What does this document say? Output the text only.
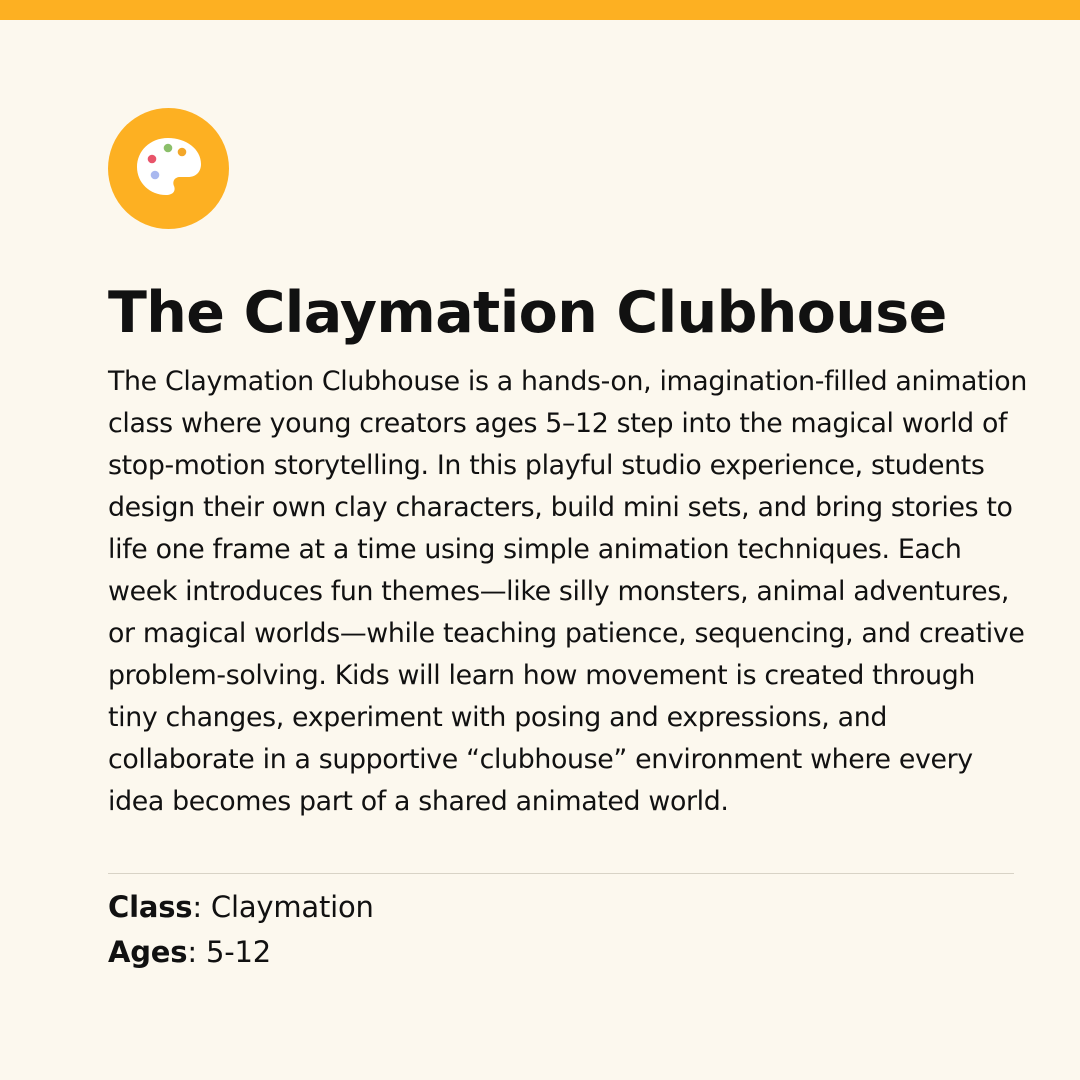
The Claymation Clubhouse

The Claymation Clubhouse is a hands-on, imagination-filled animation class where young creators ages 5–12 step into the magical world of stop-motion storytelling. In this playful studio experience, students design their own clay characters, build mini sets, and bring stories to life one frame at a time using simple animation techniques. Each week introduces fun themes—like silly monsters, animal adventures, or magical worlds—while teaching patience, sequencing, and creative problem-solving. Kids will learn how movement is created through tiny changes, experiment with posing and expressions, and collaborate in a supportive “clubhouse” environment where every idea becomes part of a shared animated world.

Class: Claymation
Ages: 5-12
